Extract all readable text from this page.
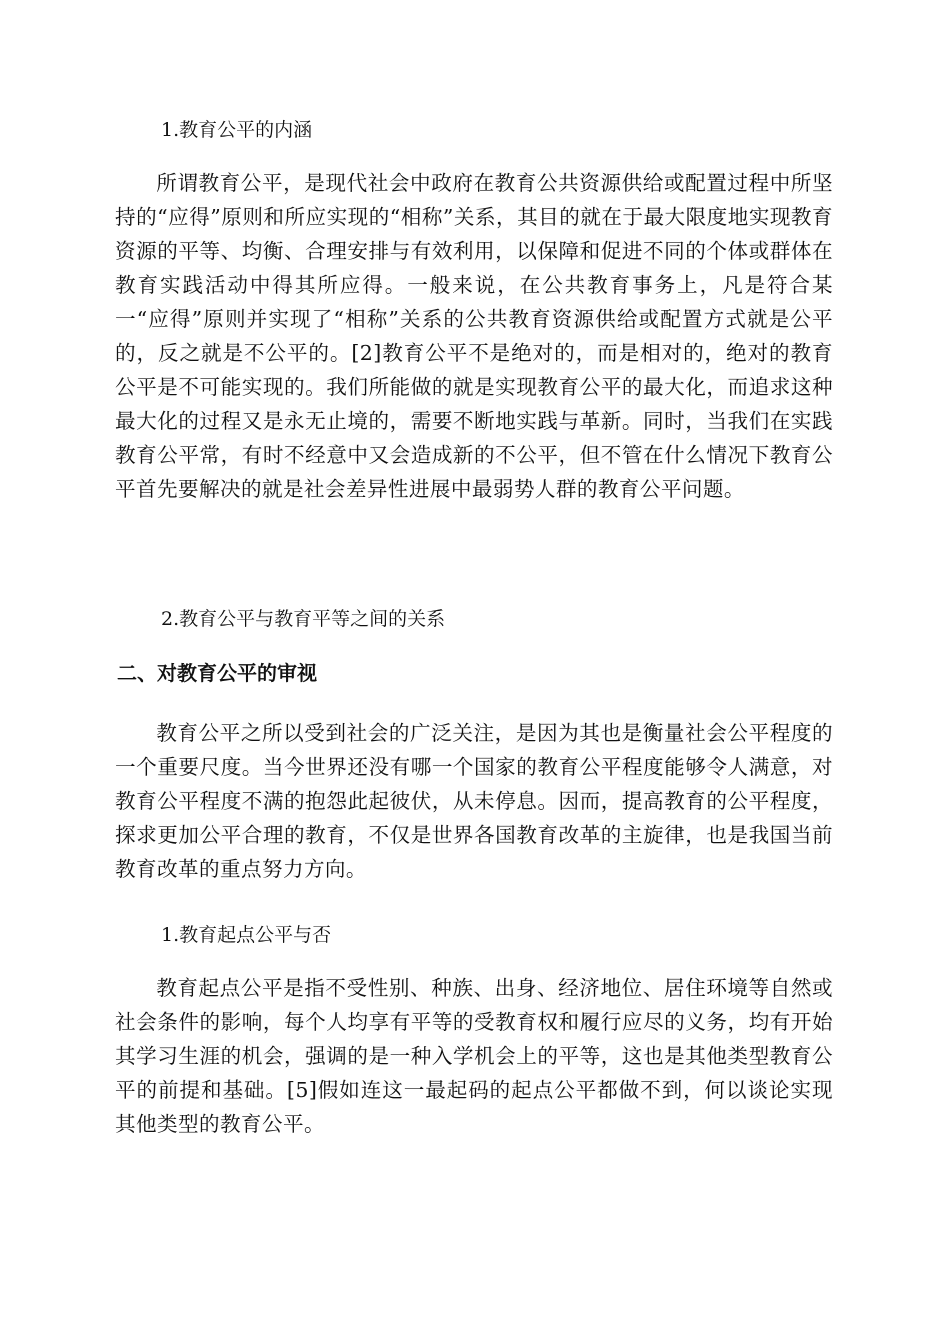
1.教育公平的内涵

所谓教育公平，是现代社会中政府在教育公共资源供给或配置过程中所坚持的“应得”原则和所应实现的“相称”关系，其目的就在于最大限度地实现教育资源的平等、均衡、合理安排与有效利用，以保障和促进不同的个体或群体在教育实践活动中得其所应得。一般来说，在公共教育事务上，凡是符合某一“应得”原则并实现了“相称”关系的公共教育资源供给或配置方式就是公平的，反之就是不公平的。[2]教育公平不是绝对的，而是相对的，绝对的教育公平是不可能实现的。我们所能做的就是实现教育公平的最大化，而追求这种最大化的过程又是永无止境的，需要不断地实践与革新。同时，当我们在实践教育公平常，有时不经意中又会造成新的不公平，但不管在什么情况下教育公平首先要解决的就是社会差异性进展中最弱势人群的教育公平问题。

2.教育公平与教育平等之间的关系
二、对教育公平的审视

教育公平之所以受到社会的广泛关注，是因为其也是衡量社会公平程度的一个重要尺度。当今世界还没有哪一个国家的教育公平程度能够令人满意，对教育公平程度不满的抱怨此起彼伏，从未停息。因而，提高教育的公平程度，探求更加公平合理的教育，不仅是世界各国教育改革的主旋律，也是我国当前教育改革的重点努力方向。

1.教育起点公平与否

教育起点公平是指不受性别、种族、出身、经济地位、居住环境等自然或社会条件的影响，每个人均享有平等的受教育权和履行应尽的义务，均有开始其学习生涯的机会，强调的是一种入学机会上的平等，这也是其他类型教育公平的前提和基础。[5]假如连这一最起码的起点公平都做不到，何以谈论实现其他类型的教育公平。
